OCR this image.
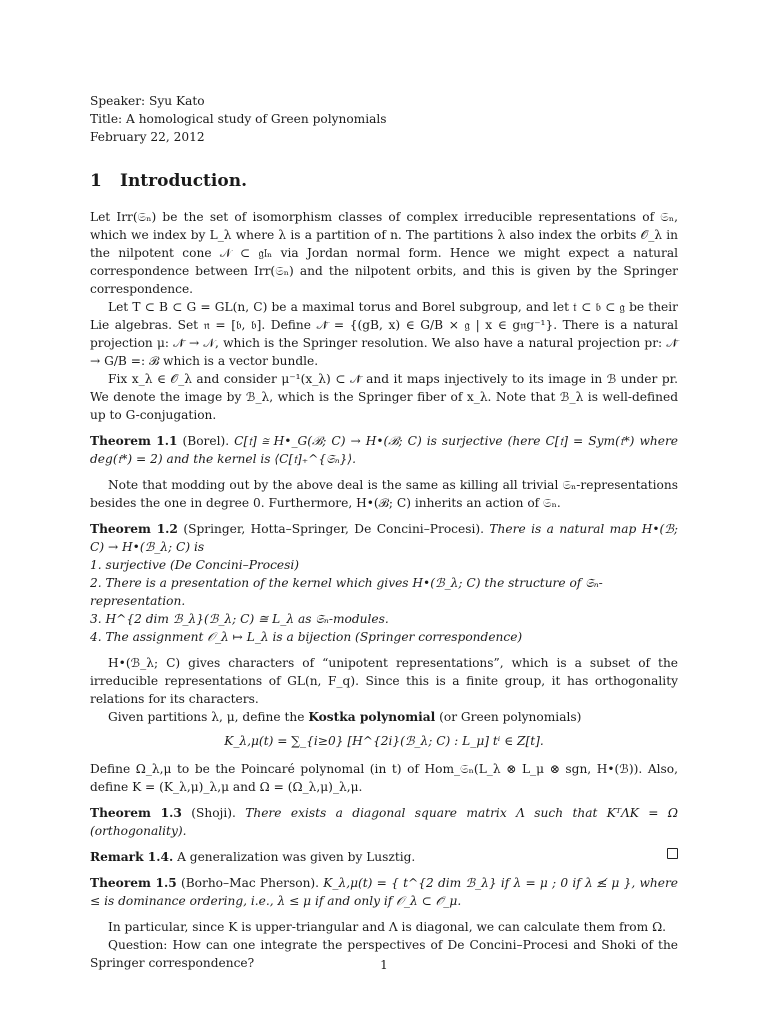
Speaker: Syu Kato
Title: A homological study of Green polynomials
February 22, 2012
1 Introduction.

Let Irr(𝔖ₙ) be the set of isomorphism classes of complex irreducible representations of 𝔖ₙ, which we index by L_λ where λ is a partition of n. The partitions λ also index the orbits 𝒪_λ in the nilpotent cone 𝒩 ⊂ 𝔤𝔩ₙ via Jordan normal form. Hence we might expect a natural correspondence between Irr(𝔖ₙ) and the nilpotent orbits, and this is given by the Springer correspondence.

Let T ⊂ B ⊂ G = GL(n, C) be a maximal torus and Borel subgroup, and let 𝔱 ⊂ 𝔟 ⊂ 𝔤 be their Lie algebras. Set 𝔫 = [𝔟, 𝔟]. Define 𝒩̃ = {(gB, x) ∈ G/B × 𝔤 | x ∈ g𝔫g⁻¹}. There is a natural projection μ: 𝒩̃ → 𝒩, which is the Springer resolution. We also have a natural projection pr: 𝒩̃ → G/B =: ℬ which is a vector bundle.

Fix x_λ ∈ 𝒪_λ and consider μ⁻¹(x_λ) ⊂ 𝒩̃ and it maps injectively to its image in ℬ under pr. We denote the image by ℬ_λ, which is the Springer fiber of x_λ. Note that ℬ_λ is well-defined up to G-conjugation.

Theorem 1.1 (Borel). C[𝔱] ≅ H•_G(ℬ; C) → H•(ℬ; C) is surjective (here C[𝔱] = Sym(𝔱*) where deg(𝔱*) = 2) and the kernel is ⟨C[𝔱]₊^{𝔖ₙ}⟩.

Note that modding out by the above deal is the same as killing all trivial 𝔖ₙ-representations besides the one in degree 0. Furthermore, H•(ℬ; C) inherits an action of 𝔖ₙ.

Theorem 1.2 (Springer, Hotta–Springer, De Concini–Procesi). There is a natural map H•(ℬ; C) → H•(ℬ_λ; C) is

1. surjective (De Concini–Procesi)
2. There is a presentation of the kernel which gives H•(ℬ_λ; C) the structure of 𝔖ₙ-representation.
3. H^{2 dim ℬ_λ}(ℬ_λ; C) ≅ L_λ as 𝔖ₙ-modules.
4. The assignment 𝒪_λ ↦ L_λ is a bijection (Springer correspondence)

H•(ℬ_λ; C) gives characters of “unipotent representations”, which is a subset of the irreducible representations of GL(n, F_q). Since this is a finite group, it has orthogonality relations for its characters.

Given partitions λ, μ, define the Kostka polynomial (or Green polynomials)

K_λ,μ(t) = ∑_{i≥0} [H^{2i}(ℬ_λ; C) : L_μ] tⁱ ∈ Z[t].

Define Ω_λ,μ to be the Poincaré polynomal (in t) of Hom_𝔖ₙ(L_λ ⊗ L_μ ⊗ sgn, H•(ℬ)). Also, define K = (K_λ,μ)_λ,μ and Ω = (Ω_λ,μ)_λ,μ.

Theorem 1.3 (Shoji). There exists a diagonal square matrix Λ such that KᵀΛK = Ω (orthogonality).

Remark 1.4. A generalization was given by Lusztig.

Theorem 1.5 (Borho–Mac Pherson). K_λ,μ(t) = { t^{2 dim ℬ_λ} if λ = μ ; 0 if λ ≰ μ }, where ≤ is dominance ordering, i.e., λ ≤ μ if and only if 𝒪_λ ⊂ 𝒪̄_μ.

In particular, since K is upper-triangular and Λ is diagonal, we can calculate them from Ω.

Question: How can one integrate the perspectives of De Concini–Procesi and Shoki of the Springer correspondence?	1
